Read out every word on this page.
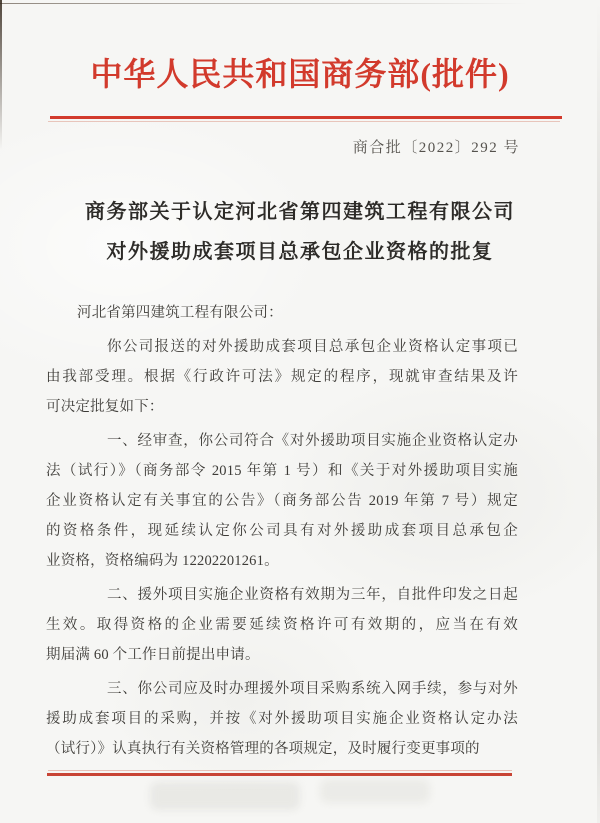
中华人民共和国商务部(批件)
商合批〔2022〕292 号
商务部关于认定河北省第四建筑工程有限公司
对外援助成套项目总承包企业资格的批复
河北省第四建筑工程有限公司：
你公司报送的对外援助成套项目总承包企业资格认定事项已
由我部受理。根据《行政许可法》规定的程序，现就审查结果及许
可决定批复如下：
一、经审查，你公司符合《对外援助项目实施企业资格认定办
法（试行）》（商务部令 2015 年第 1 号）和《关于对外援助项目实施
企业资格认定有关事宜的公告》（商务部公告 2019 年第 7 号）规定
的资格条件，现延续认定你公司具有对外援助成套项目总承包企
业资格，资格编码为 12202201261。
二、援外项目实施企业资格有效期为三年，自批件印发之日起
生效。取得资格的企业需要延续资格许可有效期的，应当在有效
期届满 60 个工作日前提出申请。
三、你公司应及时办理援外项目采购系统入网手续，参与对外
援助成套项目的采购，并按《对外援助项目实施企业资格认定办法
（试行）》认真执行有关资格管理的各项规定，及时履行变更事项的
